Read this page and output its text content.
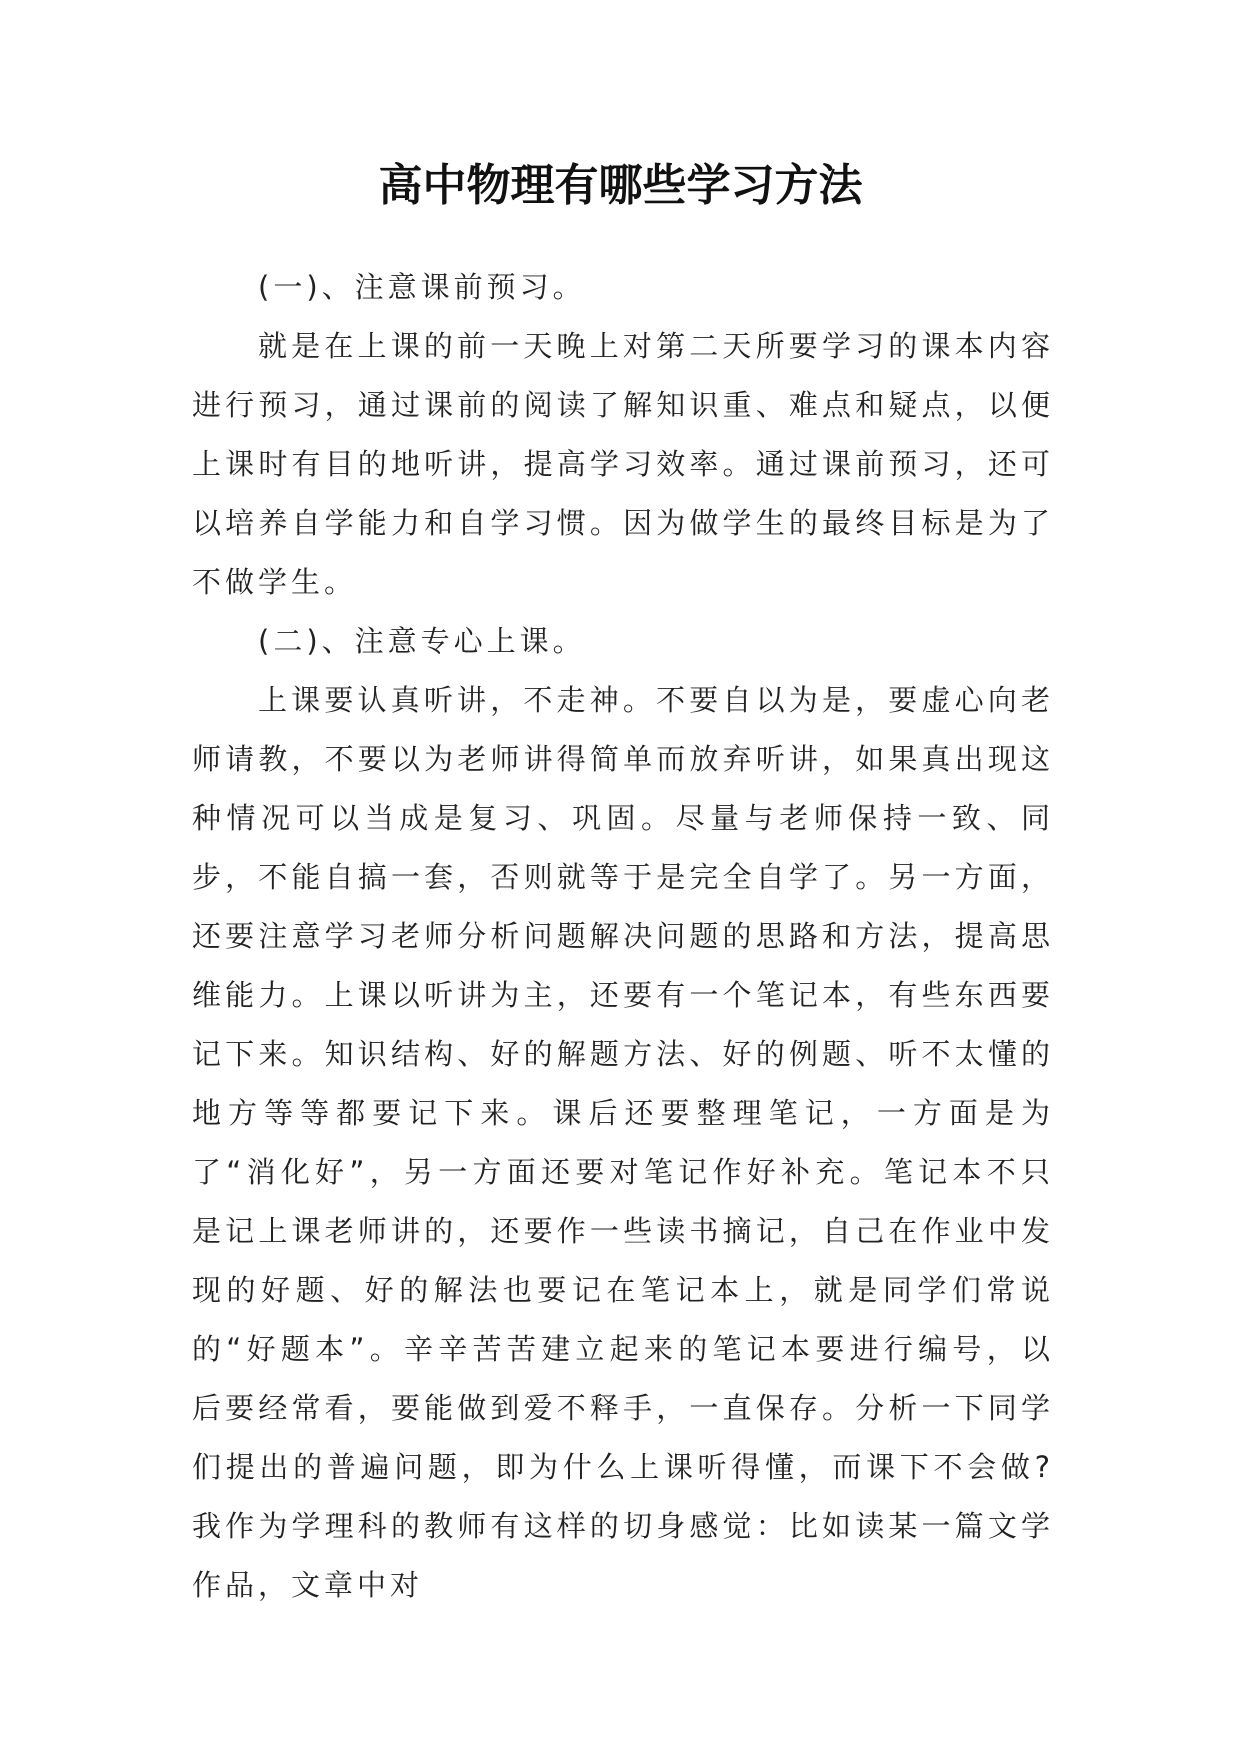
高中物理有哪些学习方法

(一)、注意课前预习。

就是在上课的前一天晚上对第二天所要学习的课本内容进行预习，通过课前的阅读了解知识重、难点和疑点，以便上课时有目的地听讲，提高学习效率。通过课前预习，还可以培养自学能力和自学习惯。因为做学生的最终目标是为了不做学生。

(二)、注意专心上课。

上课要认真听讲，不走神。不要自以为是，要虚心向老师请教，不要以为老师讲得简单而放弃听讲，如果真出现这种情况可以当成是复习、巩固。尽量与老师保持一致、同步，不能自搞一套，否则就等于是完全自学了。另一方面，还要注意学习老师分析问题解决问题的思路和方法，提高思维能力。上课以听讲为主，还要有一个笔记本，有些东西要记下来。知识结构、好的解题方法、好的例题、听不太懂的地方等等都要记下来。课后还要整理笔记，一方面是为了“消化好”，另一方面还要对笔记作好补充。笔记本不只是记上课老师讲的，还要作一些读书摘记，自己在作业中发现的好题、好的解法也要记在笔记本上，就是同学们常说的“好题本”。辛辛苦苦建立起来的笔记本要进行编号，以后要经常看，要能做到爱不释手，一直保存。分析一下同学们提出的普遍问题，即为什么上课听得懂，而课下不会做?我作为学理科的教师有这样的切身感觉：比如读某一篇文学作品，文章中对
